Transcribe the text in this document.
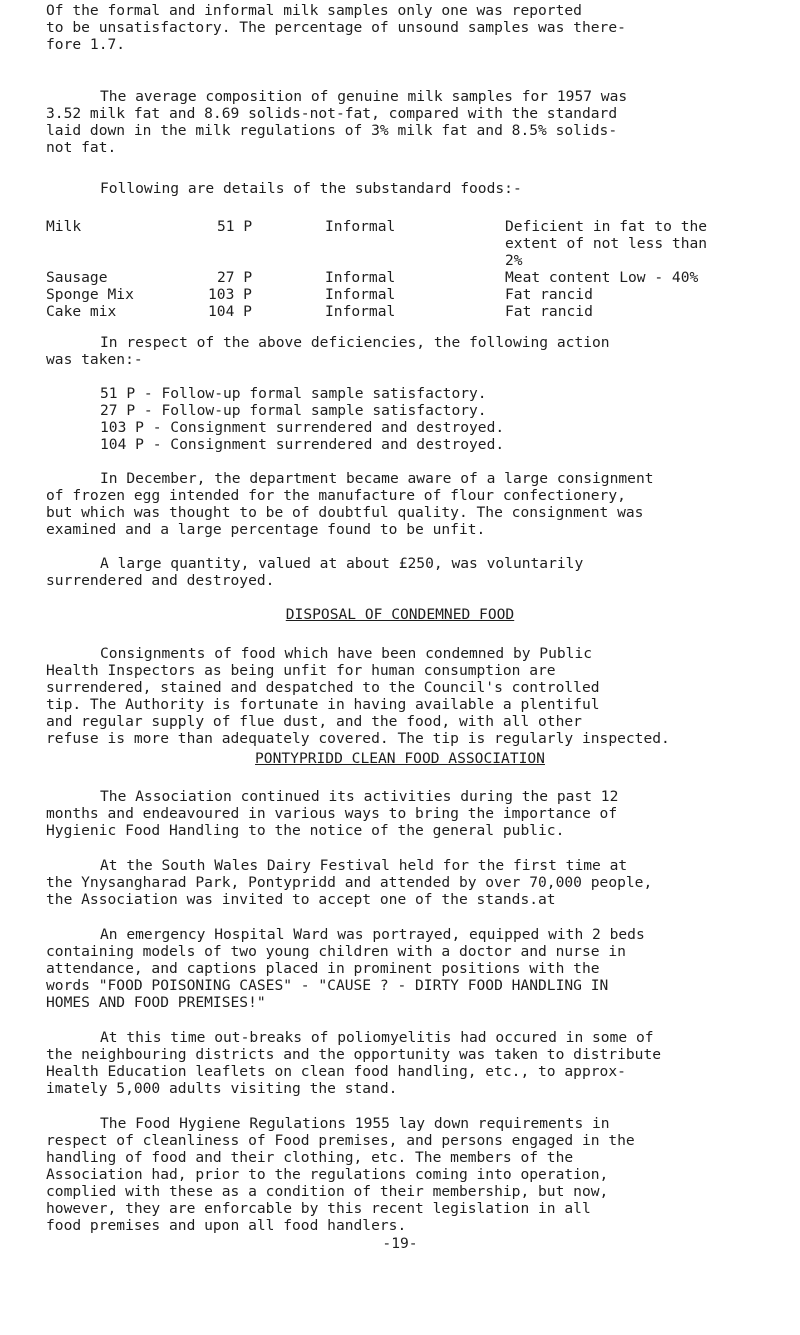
Of the formal and informal milk samples only one was reported
to be unsatisfactory. The percentage of unsound samples was there-
fore 1.7.
The average composition of genuine milk samples for 1957 was
3.52 milk fat and 8.69 solids-not-fat, compared with the standard
laid down in the milk regulations of 3% milk fat and 8.5% solids-
not fat.
Following are details of the substandard foods:-
Milk	51 P	Informal	Deficient in fat to the
extent of not less than
2%
Sausage	27 P	Informal	Meat content Low - 40%
Sponge Mix	103 P	Informal	Fat rancid
Cake mix	104 P	Informal	Fat rancid
In respect of the above deficiencies, the following action
was taken:-
51 P - Follow-up formal sample satisfactory.
27 P - Follow-up formal sample satisfactory.
103 P - Consignment surrendered and destroyed.
104 P - Consignment surrendered and destroyed.
In December, the department became aware of a large consignment
of frozen egg intended for the manufacture of flour confectionery,
but which was thought to be of doubtful quality. The consignment was
examined and a large percentage found to be unfit.
A large quantity, valued at about £250, was voluntarily
surrendered and destroyed.
DISPOSAL OF CONDEMNED FOOD
Consignments of food which have been condemned by Public
Health Inspectors as being unfit for human consumption are
surrendered, stained and despatched to the Council's controlled
tip. The Authority is fortunate in having available a plentiful
and regular supply of flue dust, and the food, with all other
refuse is more than adequately covered. The tip is regularly inspected.
PONTYPRIDD CLEAN FOOD ASSOCIATION
The Association continued its activities during the past 12
months and endeavoured in various ways to bring the importance of
Hygienic Food Handling to the notice of the general public.
At the South Wales Dairy Festival held for the first time at
the Ynysangharad Park, Pontypridd and attended by over 70,000 people,
the Association was invited to accept one of the stands.at
An emergency Hospital Ward was portrayed, equipped with 2 beds
containing models of two young children with a doctor and nurse in
attendance, and captions placed in prominent positions with the
words "FOOD POISONING CASES" - "CAUSE ? - DIRTY FOOD HANDLING IN
HOMES AND FOOD PREMISES!"
At this time out-breaks of poliomyelitis had occured in some of
the neighbouring districts and the opportunity was taken to distribute
Health Education leaflets on clean food handling, etc., to approx-
imately 5,000 adults visiting the stand.
The Food Hygiene Regulations 1955 lay down requirements in
respect of cleanliness of Food premises, and persons engaged in the
handling of food and their clothing, etc. The members of the
Association had, prior to the regulations coming into operation,
complied with these as a condition of their membership, but now,
however, they are enforcable by this recent legislation in all
food premises and upon all food handlers.
-19-
